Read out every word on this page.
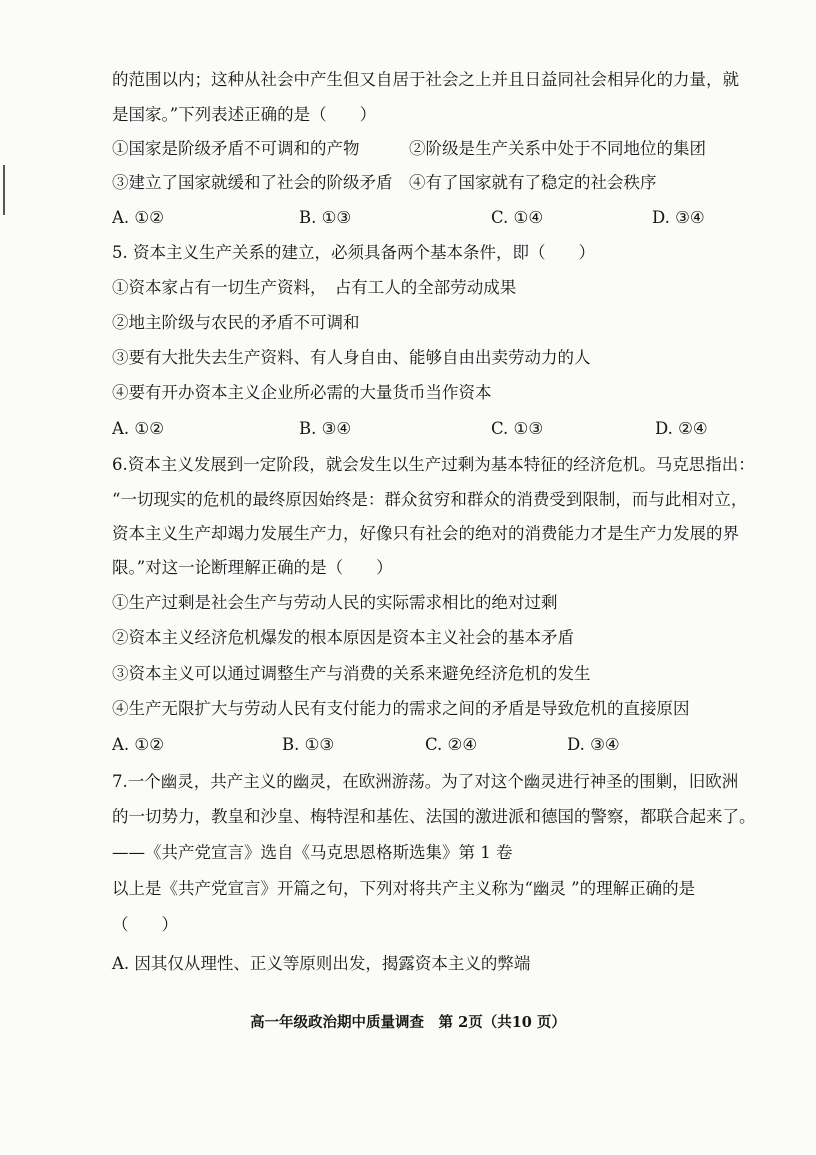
的范围以内；这种从社会中产生但又自居于社会之上并且日益同社会相异化的力量，就
是国家。”下列表述正确的是（　　）
①国家是阶级矛盾不可调和的产物　　　②阶级是生产关系中处于不同地位的集团
③建立了国家就缓和了社会的阶级矛盾　④有了国家就有了稳定的社会秩序
A. ①②	B. ①③	C. ①④	D. ③④
5. 资本主义生产关系的建立，必须具备两个基本条件，即（　　）
①资本家占有一切生产资料，　占有工人的全部劳动成果
②地主阶级与农民的矛盾不可调和
③要有大批失去生产资料、有人身自由、能够自由出卖劳动力的人
④要有开办资本主义企业所必需的大量货币当作资本
A. ①②	B. ③④	C. ①③	D. ②④
6.资本主义发展到一定阶段，就会发生以生产过剩为基本特征的经济危机。马克思指出：
“一切现实的危机的最终原因始终是：群众贫穷和群众的消费受到限制，而与此相对立，
资本主义生产却竭力发展生产力，好像只有社会的绝对的消费能力才是生产力发展的界
限。”对这一论断理解正确的是（　　）
①生产过剩是社会生产与劳动人民的实际需求相比的绝对过剩
②资本主义经济危机爆发的根本原因是资本主义社会的基本矛盾
③资本主义可以通过调整生产与消费的关系来避免经济危机的发生
④生产无限扩大与劳动人民有支付能力的需求之间的矛盾是导致危机的直接原因
A. ①②	B. ①③	C. ②④	D. ③④
7.一个幽灵，共产主义的幽灵，在欧洲游荡。为了对这个幽灵进行神圣的围剿，旧欧洲
的一切势力，教皇和沙皇、梅特涅和基佐、法国的激进派和德国的警察，都联合起来了。
——《共产党宣言》选自《马克思恩格斯选集》第 1 卷
以上是《共产党宣言》开篇之句，下列对将共产主义称为“幽灵 ”的理解正确的是
（　　）
A. 因其仅从理性、正义等原则出发，揭露资本主义的弊端
高一年级政治期中质量调查　第 2页（共10 页）
